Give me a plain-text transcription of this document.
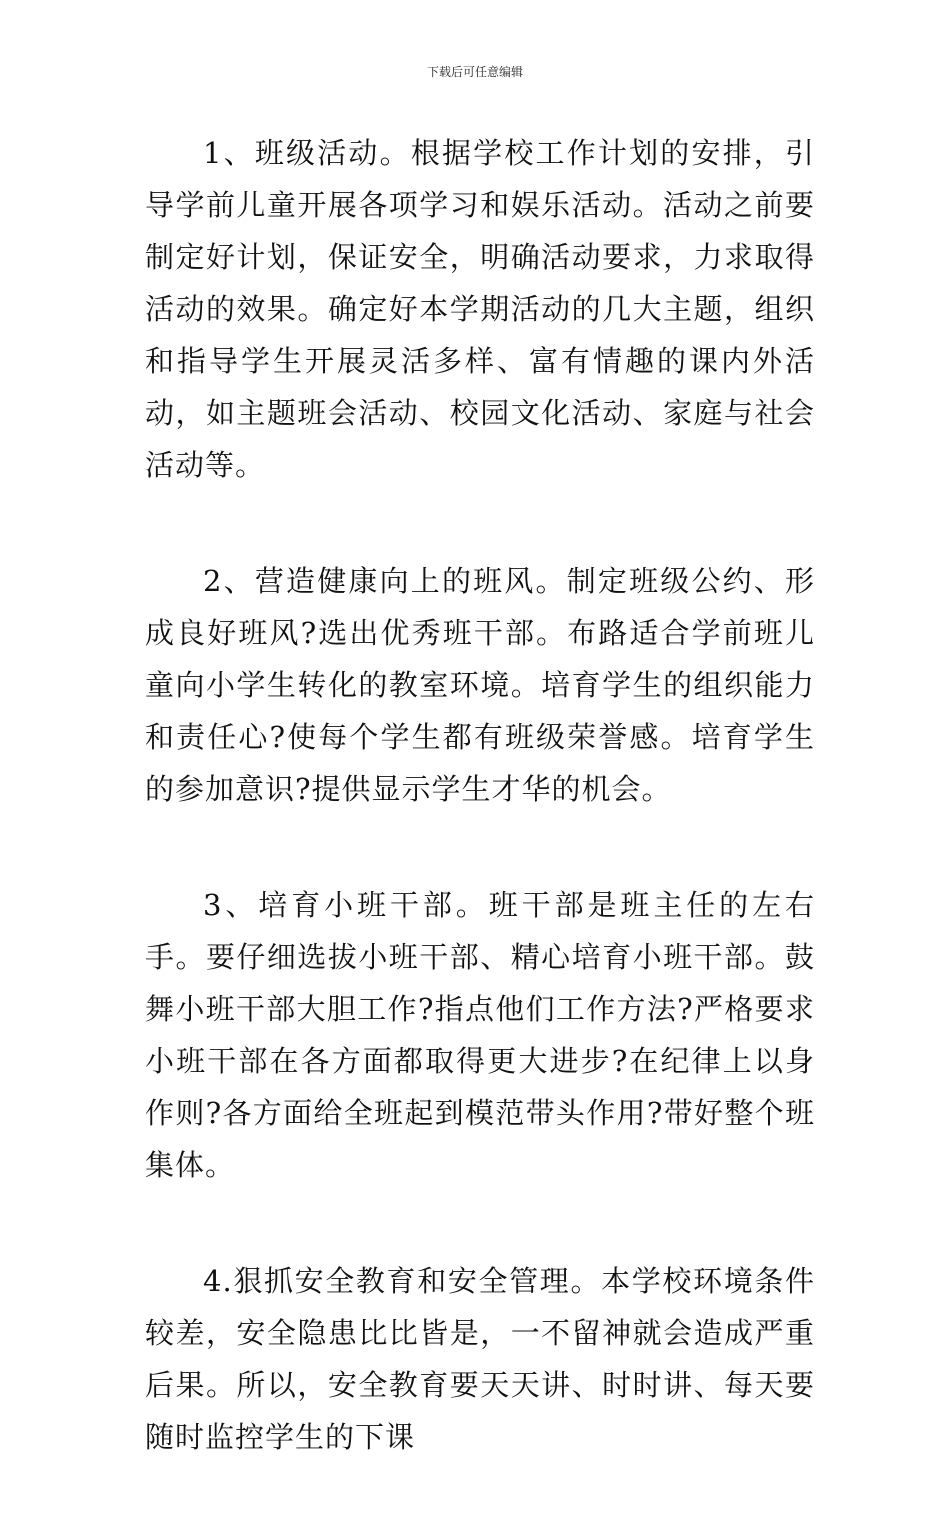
下载后可任意编辑

1、班级活动。根据学校工作计划的安排，引导学前儿童开展各项学习和娱乐活动。活动之前要制定好计划，保证安全，明确活动要求，力求取得活动的效果。确定好本学期活动的几大主题，组织和指导学生开展灵活多样、富有情趣的课内外活动，如主题班会活动、校园文化活动、家庭与社会活动等。

2、营造健康向上的班风。制定班级公约、形成良好班风?选出优秀班干部。布路适合学前班儿童向小学生转化的教室环境。培育学生的组织能力和责任心?使每个学生都有班级荣誉感。培育学生的参加意识?提供显示学生才华的机会。

3、培育小班干部。班干部是班主任的左右手。要仔细选拔小班干部、精心培育小班干部。鼓舞小班干部大胆工作?指点他们工作方法?严格要求小班干部在各方面都取得更大进步?在纪律上以身作则?各方面给全班起到模范带头作用?带好整个班集体。

4.狠抓安全教育和安全管理。本学校环境条件较差，安全隐患比比皆是，一不留神就会造成严重后果。所以，安全教育要天天讲、时时讲、每天要随时监控学生的下课
